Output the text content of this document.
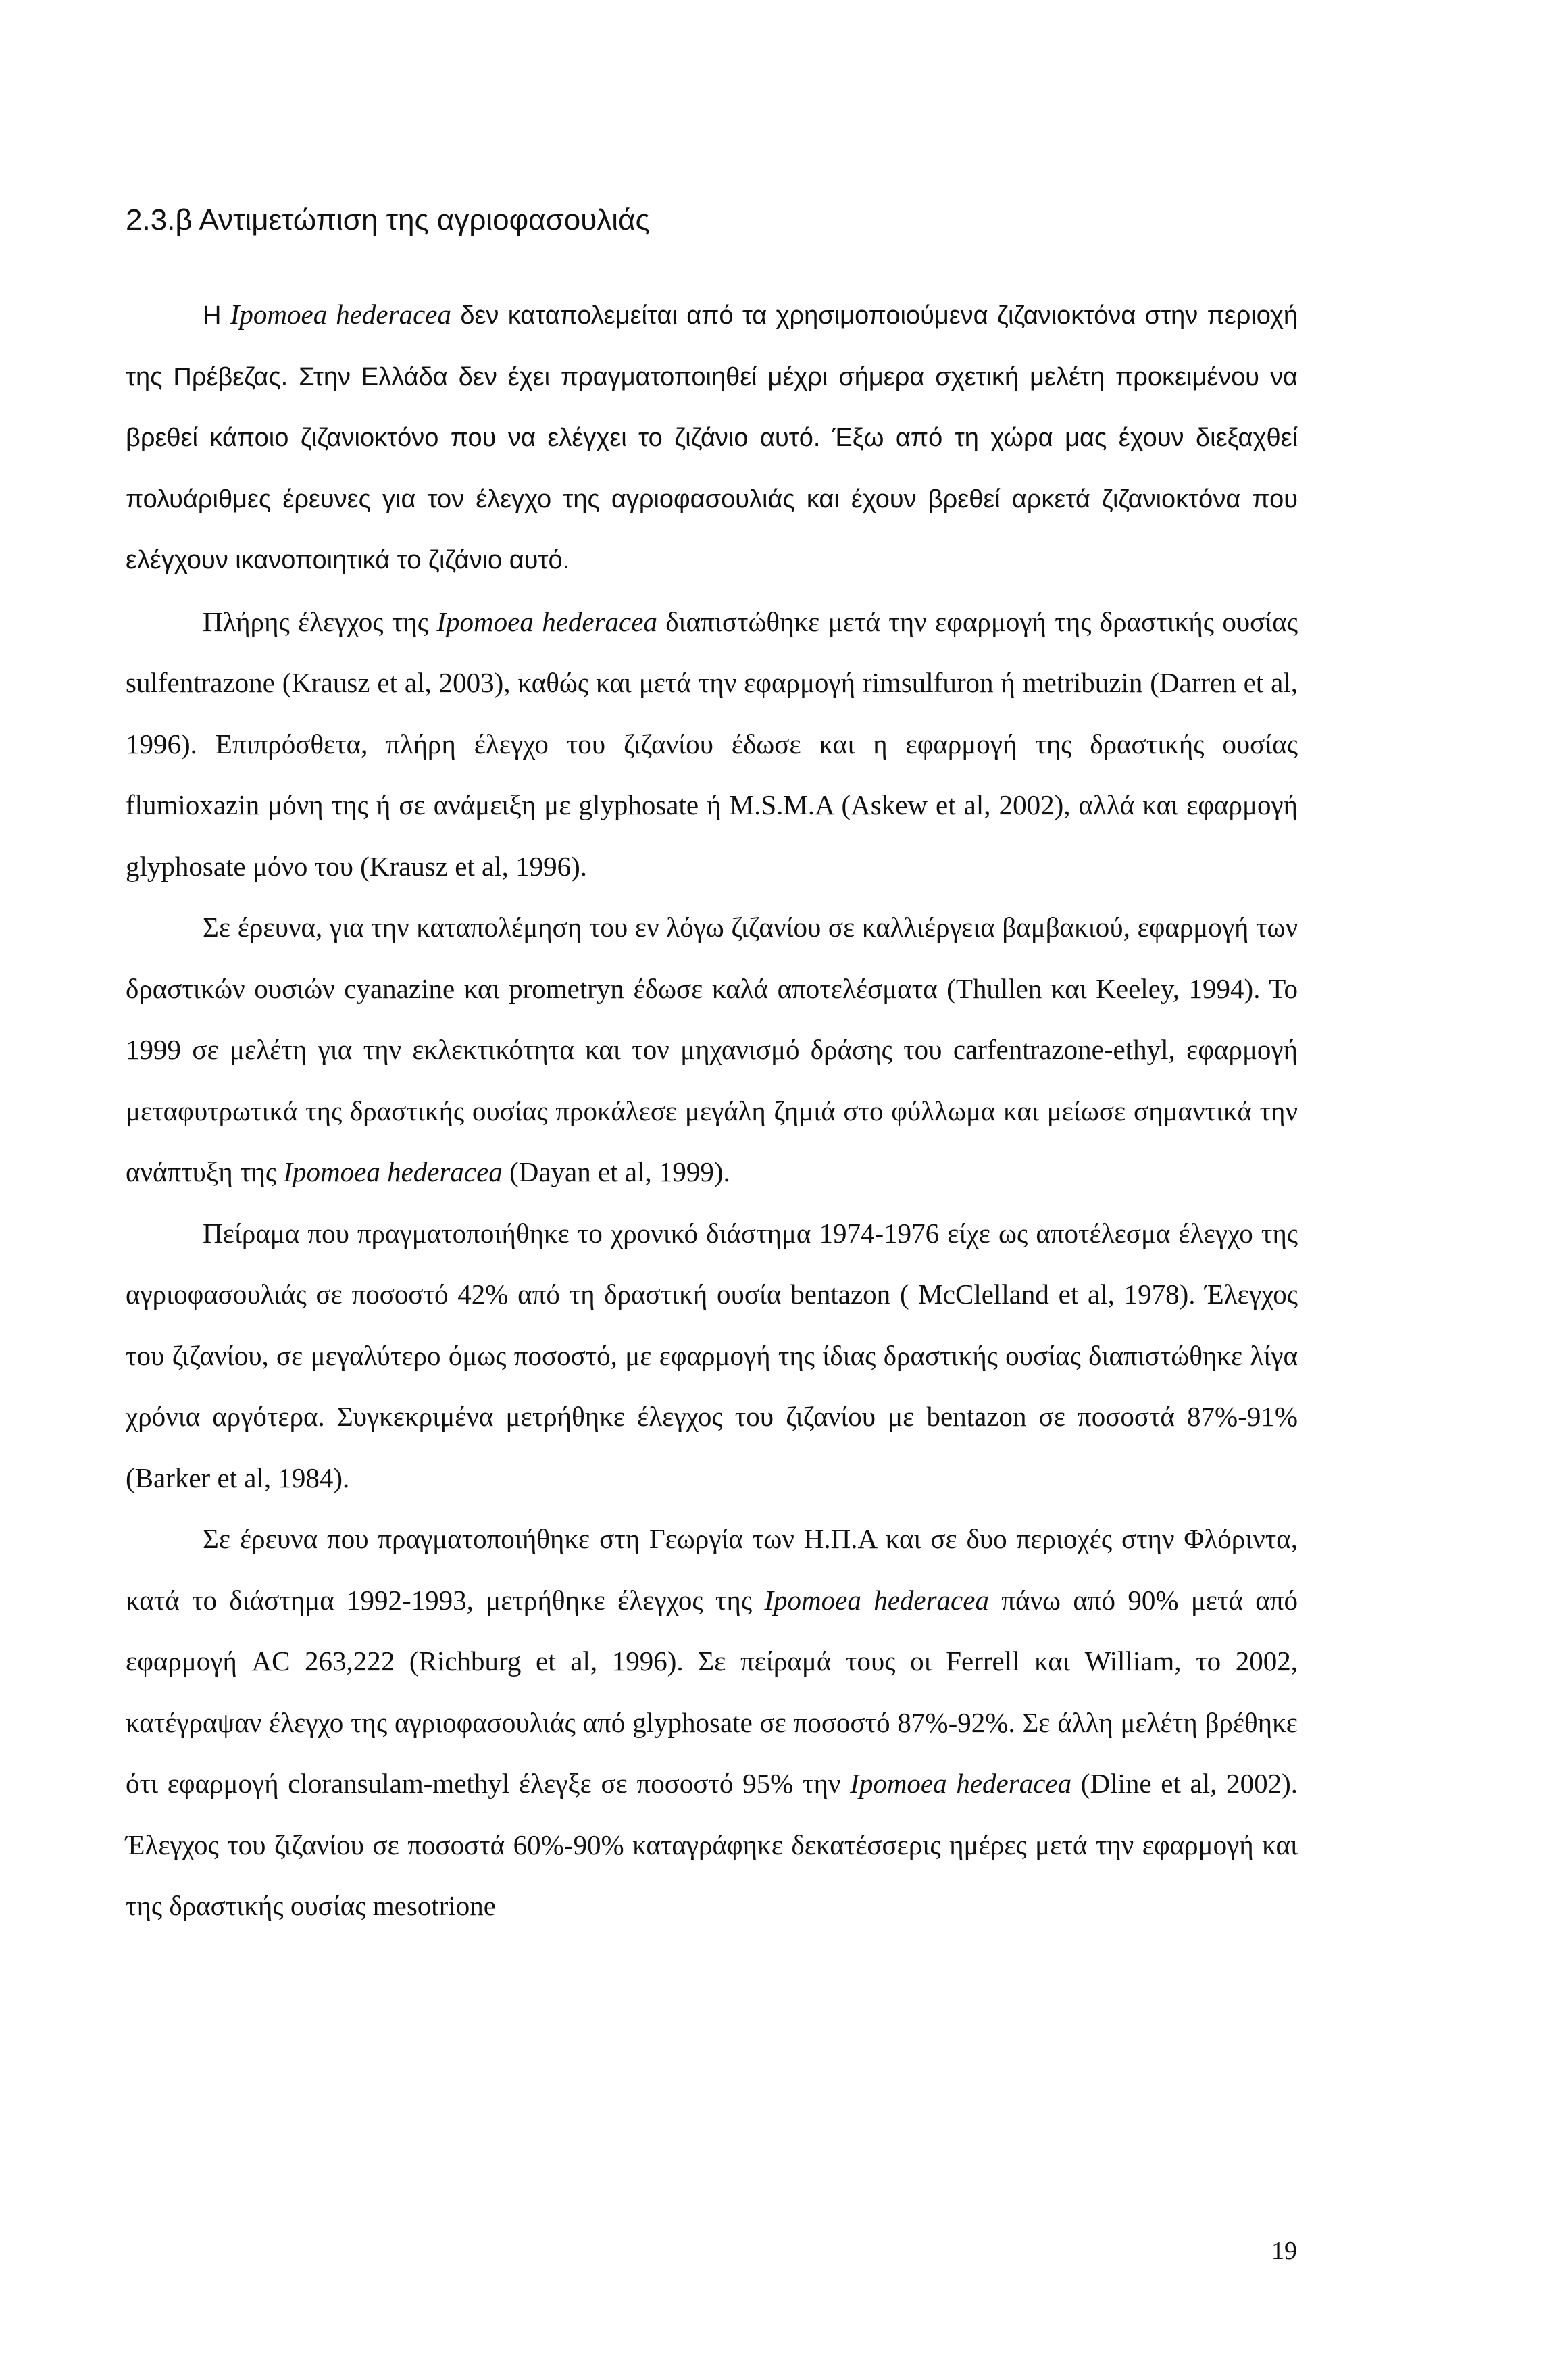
2.3.β Αντιμετώπιση της αγριοφασουλιάς

Η Ipomoea hederacea δεν καταπολεμείται από τα χρησιμοποιούμενα ζιζανιοκτόνα στην περιοχή της Πρέβεζας. Στην Ελλάδα δεν έχει πραγματοποιηθεί μέχρι σήμερα σχετική μελέτη προκειμένου να βρεθεί κάποιο ζιζανιοκτόνο που να ελέγχει το ζιζάνιο αυτό. Έξω από τη χώρα μας έχουν διεξαχθεί πολυάριθμες έρευνες για τον έλεγχο της αγριοφασουλιάς και έχουν βρεθεί αρκετά ζιζανιοκτόνα που ελέγχουν ικανοποιητικά το ζιζάνιο αυτό.

Πλήρης έλεγχος της Ipomoea hederacea διαπιστώθηκε μετά την εφαρμογή της δραστικής ουσίας sulfentrazone (Krausz et al, 2003), καθώς και μετά την εφαρμογή rimsulfuron ή metribuzin (Darren et al, 1996). Επιπρόσθετα, πλήρη έλεγχο του ζιζανίου έδωσε και η εφαρμογή της δραστικής ουσίας flumioxazin μόνη της ή σε ανάμειξη με glyphosate ή M.S.M.A (Askew et al, 2002), αλλά και εφαρμογή glyphosate μόνο του (Krausz et al, 1996).

Σε έρευνα, για την καταπολέμηση του εν λόγω ζιζανίου σε καλλιέργεια βαμβακιού, εφαρμογή των δραστικών ουσιών cyanazine και prometryn έδωσε καλά αποτελέσματα (Thullen και Keeley, 1994). Το 1999 σε μελέτη για την εκλεκτικότητα και τον μηχανισμό δράσης του carfentrazone-ethyl, εφαρμογή μεταφυτρωτικά της δραστικής ουσίας προκάλεσε μεγάλη ζημιά στο φύλλωμα και μείωσε σημαντικά την ανάπτυξη της Ipomoea hederacea (Dayan et al, 1999).

Πείραμα που πραγματοποιήθηκε το χρονικό διάστημα 1974-1976 είχε ως αποτέλεσμα έλεγχο της αγριοφασουλιάς σε ποσοστό 42% από τη δραστική ουσία bentazon ( McClelland et al, 1978). Έλεγχος του ζιζανίου, σε μεγαλύτερο όμως ποσοστό, με εφαρμογή της ίδιας δραστικής ουσίας διαπιστώθηκε λίγα χρόνια αργότερα. Συγκεκριμένα μετρήθηκε έλεγχος του ζιζανίου με bentazon σε ποσοστά 87%-91% (Barker et al, 1984).

Σε έρευνα που πραγματοποιήθηκε στη Γεωργία των Η.Π.Α και σε δυο περιοχές στην Φλόριντα, κατά το διάστημα 1992-1993, μετρήθηκε έλεγχος της Ipomoea hederacea πάνω από 90% μετά από εφαρμογή AC 263,222 (Richburg et al, 1996). Σε πείραμά τους οι Ferrell και William, το 2002, κατέγραψαν έλεγχο της αγριοφασουλιάς από glyphosate σε ποσοστό 87%-92%. Σε άλλη μελέτη βρέθηκε ότι εφαρμογή cloransulam-methyl έλεγξε σε ποσοστό 95% την Ipomoea hederacea (Dline et al, 2002). Έλεγχος του ζιζανίου σε ποσοστά 60%-90% καταγράφηκε δεκατέσσερις ημέρες μετά την εφαρμογή και της δραστικής ουσίας mesotrione

19
